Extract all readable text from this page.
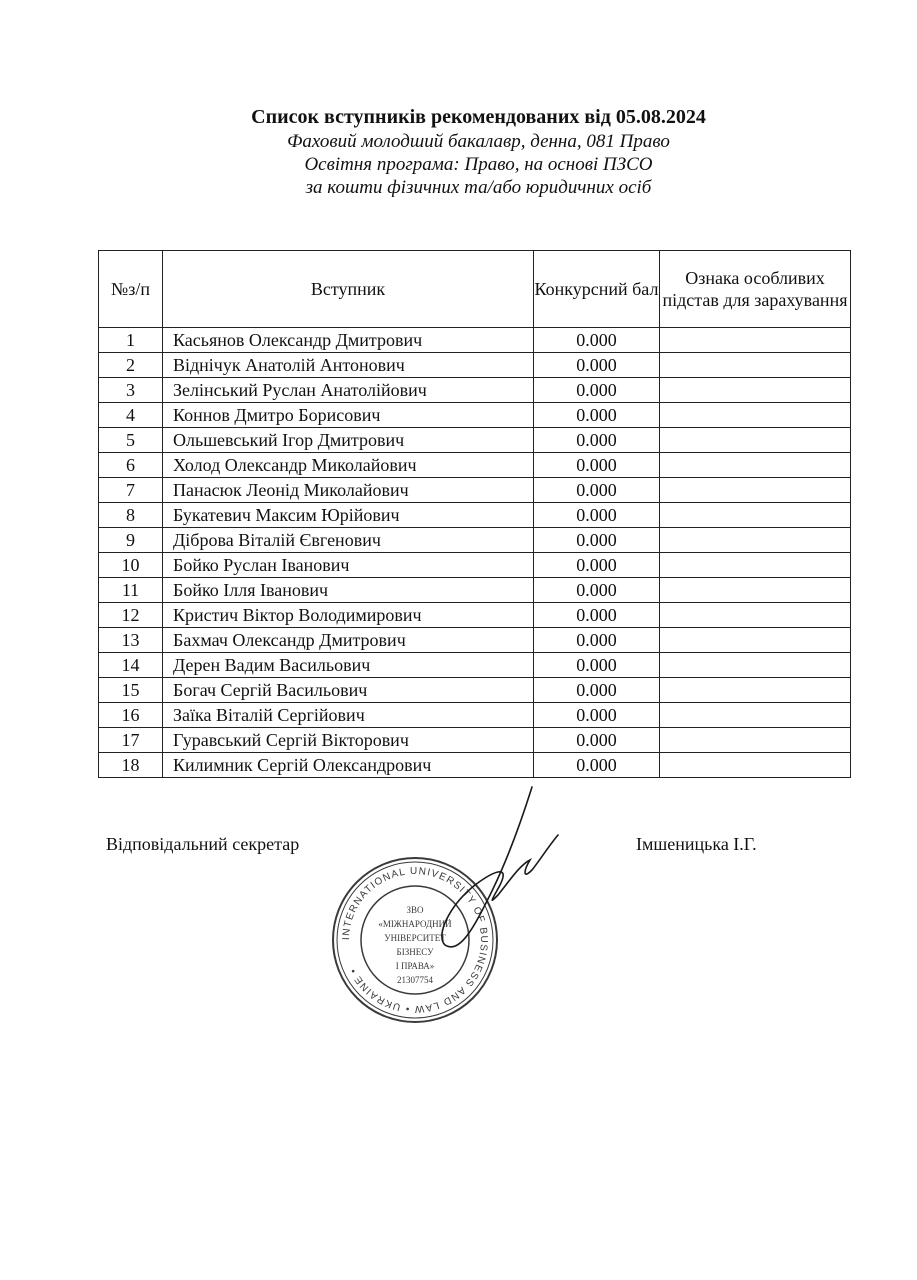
Список вступників рекомендованих від 05.08.2024
Фаховий молодший бакалавр, денна, 081 Право
Освітня програма: Право, на основі ПЗСО
за кошти фізичних та/або юридичних осіб
№з/п	Вступник	Конкурсний бал	Ознака особливих підстав для зарахування
1	Касьянов Олександр Дмитрович	0.000	
2	Віднічук Анатолій Антонович	0.000	
3	Зелінський Руслан Анатолійович	0.000	
4	Коннов Дмитро Борисович	0.000	
5	Ольшевський Ігор Дмитрович	0.000	
6	Холод Олександр Миколайович	0.000	
7	Панасюк Леонід Миколайович	0.000	
8	Букатевич Максим Юрійович	0.000	
9	Діброва Віталій Євгенович	0.000	
10	Бойко Руслан Іванович	0.000	
11	Бойко Ілля Іванович	0.000	
12	Кристич Віктор Володимирович	0.000	
13	Бахмач Олександр Дмитрович	0.000	
14	Дерен Вадим Васильович	0.000	
15	Богач Сергій Васильович	0.000	
16	Заїка Віталій Сергійович	0.000	
17	Гуравський Сергій Вікторович	0.000	
18	Килимник Сергій Олександрович	0.000	
Відповідальний секретар	Імшеницька І.Г.
INTERNATIONAL UNIVERSITY OF BUSINESS AND LAW • UKRAINE •
ЗВО
«МІЖНАРОДНИЙ
УНІВЕРСИТЕТ
БІЗНЕСУ
І ПРАВА»
21307754
